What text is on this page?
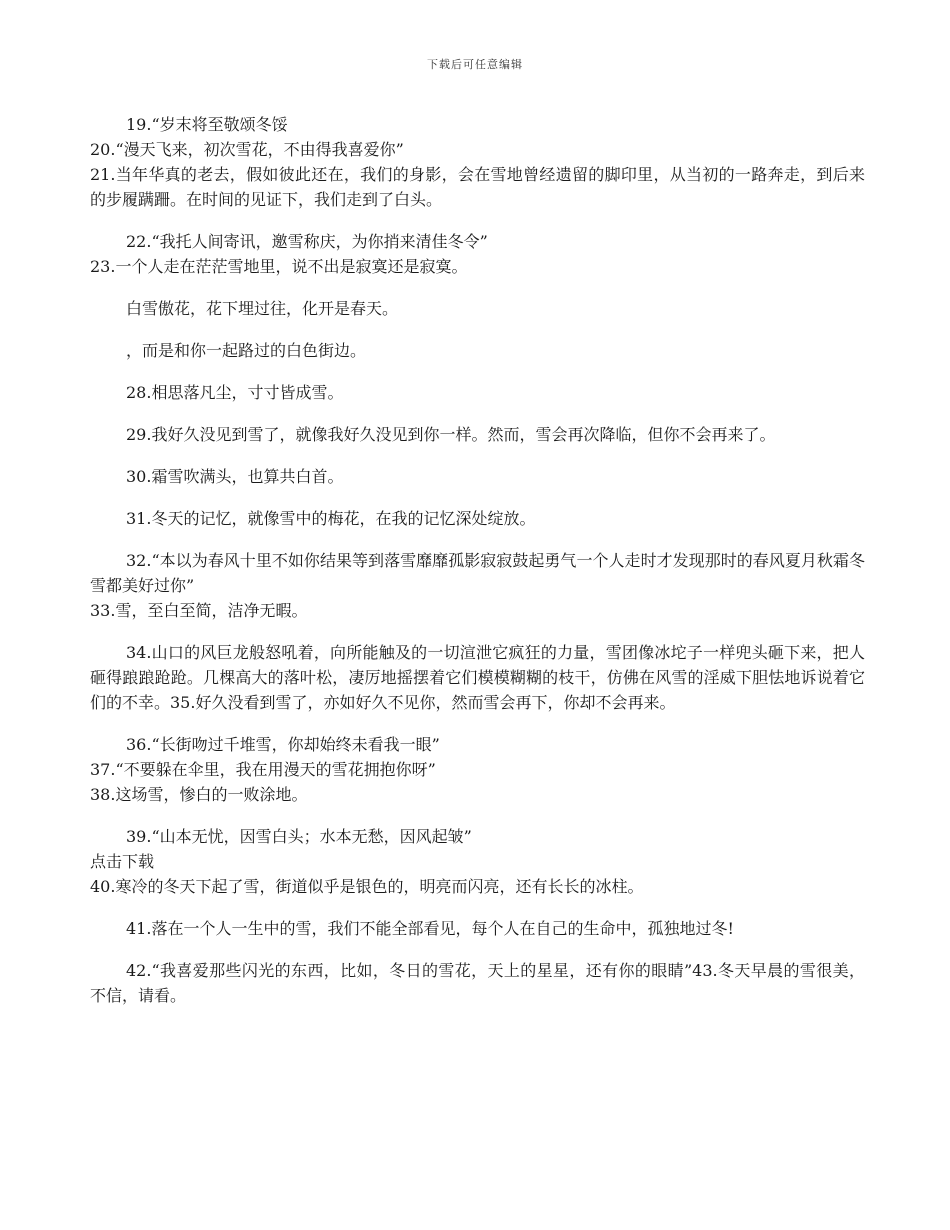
下载后可任意编辑

19.“岁末将至敬颂冬馁

20.“漫天飞来，初次雪花，不由得我喜爱你”

21.当年华真的老去，假如彼此还在，我们的身影，会在雪地曾经遗留的脚印里，从当初的一路奔走，到后来的步履蹒跚。在时间的见证下，我们走到了白头。

22.“我托人间寄讯，邀雪称庆，为你捎来清佳冬令”

23.一个人走在茫茫雪地里，说不出是寂寞还是寂寞。

白雪傲花，花下埋过往，化开是春天。

，而是和你一起路过的白色街边。

28.相思落凡尘，寸寸皆成雪。

29.我好久没见到雪了，就像我好久没见到你一样。然而，雪会再次降临，但你不会再来了。

30.霜雪吹满头，也算共白首。

31.冬天的记忆，就像雪中的梅花，在我的记忆深处绽放。

32.“本以为春风十里不如你结果等到落雪靡靡孤影寂寂鼓起勇气一个人走时才发现那时的春风夏月秋霜冬雪都美好过你”

33.雪，至白至简，洁净无暇。

34.山口的风巨龙般怒吼着，向所能触及的一切渲泄它疯狂的力量，雪团像冰坨子一样兜头砸下来，把人砸得踉踉跄跄。几棵高大的落叶松，凄厉地摇摆着它们模模糊糊的枝干，仿佛在风雪的淫威下胆怯地诉说着它们的不幸。35.好久没看到雪了，亦如好久不见你，然而雪会再下，你却不会再来。

36.“长街吻过千堆雪，你却始终未看我一眼”

37.“不要躲在伞里，我在用漫天的雪花拥抱你呀”

38.这场雪，惨白的一败涂地。

39.“山本无忧，因雪白头；水本无愁，因风起皱”

点击下载

40.寒冷的冬天下起了雪，街道似乎是银色的，明亮而闪亮，还有长长的冰柱。

41.落在一个人一生中的雪，我们不能全部看见，每个人在自己的生命中，孤独地过冬!

42.“我喜爱那些闪光的东西，比如，冬日的雪花，天上的星星，还有你的眼睛”43.冬天早晨的雪很美，不信，请看。
